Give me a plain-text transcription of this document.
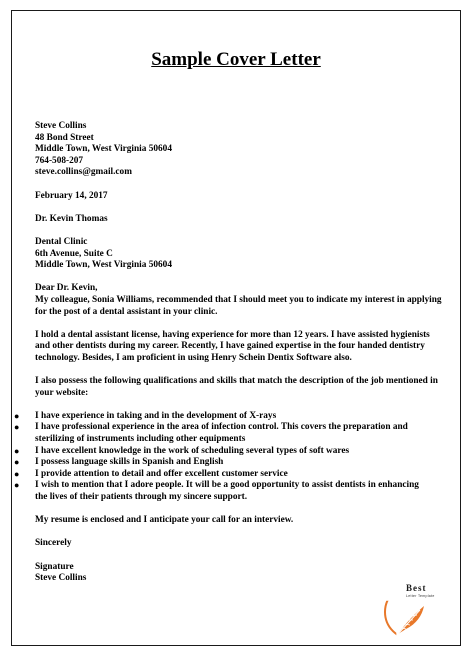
Sample Cover Letter

Steve Collins

48 Bond Street

Middle Town, West Virginia 50604

764-508-207

steve.collins@gmail.com

February 14, 2017

Dr. Kevin Thomas

Dental Clinic

6th Avenue, Suite C

Middle Town, West Virginia 50604

Dear Dr. Kevin,

My colleague, Sonia Williams, recommended that I should meet you to indicate my interest in applying

for the post of a dental assistant in your clinic.

I hold a dental assistant license, having experience for more than 12 years. I have assisted hygienists

and other dentists during my career. Recently, I have gained expertise in the four handed dentistry

technology. Besides, I am proficient in using Henry Schein Dentix Software also.

I also possess the following qualifications and skills that match the description of the job mentioned in

your website:

● I have experience in taking and in the development of X-rays

● I have professional experience in the area of infection control. This covers the preparation and

sterilizing of instruments including other equipments

● I have excellent knowledge in the work of scheduling several types of soft wares

● I possess language skills in Spanish and English

● I provide attention to detail and offer excellent customer service

● I wish to mention that I adore people. It will be a good opportunity to assist dentists in enhancing

the lives of their patients through my sincere support.

My resume is enclosed and I anticipate your call for an interview.

Sincerely

Signature

Steve Collins

Best
Letter Template
